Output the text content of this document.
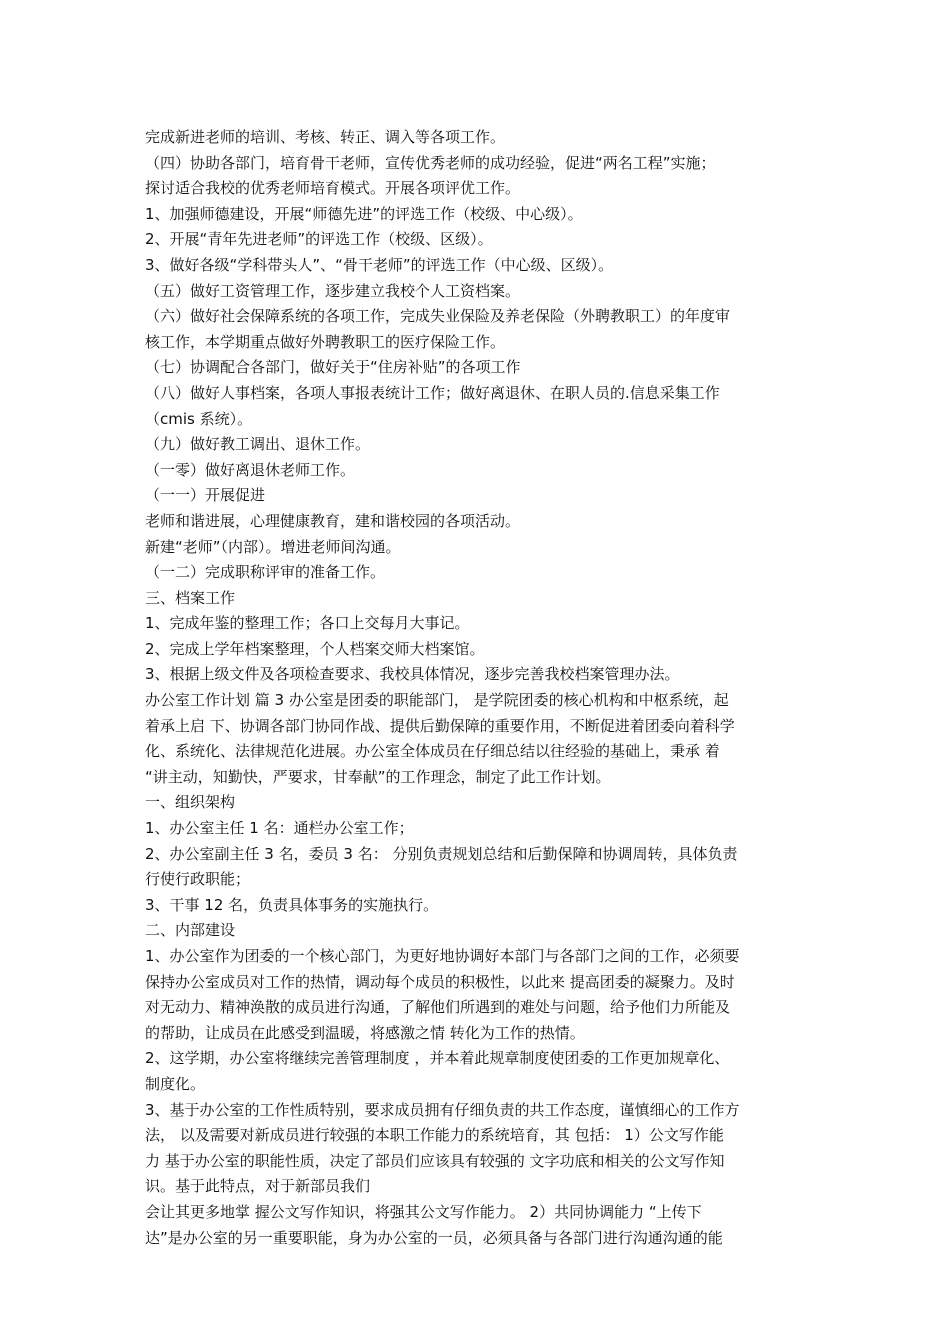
完成新进老师的培训、考核、转正、调入等各项工作。
（四）协助各部门，培育骨干老师，宣传优秀老师的成功经验，促进“两名工程”实施；
探讨适合我校的优秀老师培育模式。开展各项评优工作。
1、加强师德建设，开展“师德先进”的评选工作（校级、中心级）。
2、开展“青年先进老师”的评选工作（校级、区级）。
3、做好各级“学科带头人”、“骨干老师”的评选工作（中心级、区级）。
（五）做好工资管理工作，逐步建立我校个人工资档案。
（六）做好社会保障系统的各项工作，完成失业保险及养老保险（外聘教职工）的年度审
核工作，本学期重点做好外聘教职工的医疗保险工作。
（七）协调配合各部门，做好关于“住房补贴”的各项工作
（八）做好人事档案，各项人事报表统计工作；做好离退休、在职人员的.信息采集工作
（cmis 系统）。
（九）做好教工调出、退休工作。
（一零）做好离退休老师工作。
（一一）开展促进
老师和谐进展，心理健康教育，建和谐校园的各项活动。
新建“老师”（内部）。增进老师间沟通。
（一二）完成职称评审的准备工作。
三、档案工作
1、完成年鉴的整理工作；各口上交每月大事记。
2、完成上学年档案整理，个人档案交师大档案馆。
3、根据上级文件及各项检查要求、我校具体情况，逐步完善我校档案管理办法。
办公室工作计划 篇 3 办公室是团委的职能部门， 是学院团委的核心机构和中枢系统，起
着承上启 下、协调各部门协同作战、提供后勤保障的重要作用，不断促进着团委向着科学
化、系统化、法律规范化进展。办公室全体成员在仔细总结以往经验的基础上，秉承 着
“讲主动，知勤快，严要求，甘奉献”的工作理念，制定了此工作计划。
一、组织架构
1、办公室主任 1 名：通栏办公室工作；
2、办公室副主任 3 名，委员 3 名： 分别负责规划总结和后勤保障和协调周转，具体负责
行使行政职能；
3、干事 12 名，负责具体事务的实施执行。
二、内部建设
1、办公室作为团委的一个核心部门，为更好地协调好本部门与各部门之间的工作，必须要
保持办公室成员对工作的热情，调动每个成员的积极性，以此来 提高团委的凝聚力。及时
对无动力、精神涣散的成员进行沟通，了解他们所遇到的难处与问题，给予他们力所能及
的帮助，让成员在此感受到温暖，将感激之情 转化为工作的热情。
2、这学期，办公室将继续完善管理制度 ，并本着此规章制度使团委的工作更加规章化、
制度化。
3、基于办公室的工作性质特别，要求成员拥有仔细负责的共工作态度，谨慎细心的工作方
法， 以及需要对新成员进行较强的本职工作能力的系统培育，其 包括： 1）公文写作能
力 基于办公室的职能性质，决定了部员们应该具有较强的 文字功底和相关的公文写作知
识。基于此特点，对于新部员我们
会让其更多地掌 握公文写作知识，将强其公文写作能力。 2）共同协调能力 “上传下
达”是办公室的另一重要职能，身为办公室的一员，必须具备与各部门进行沟通沟通的能
